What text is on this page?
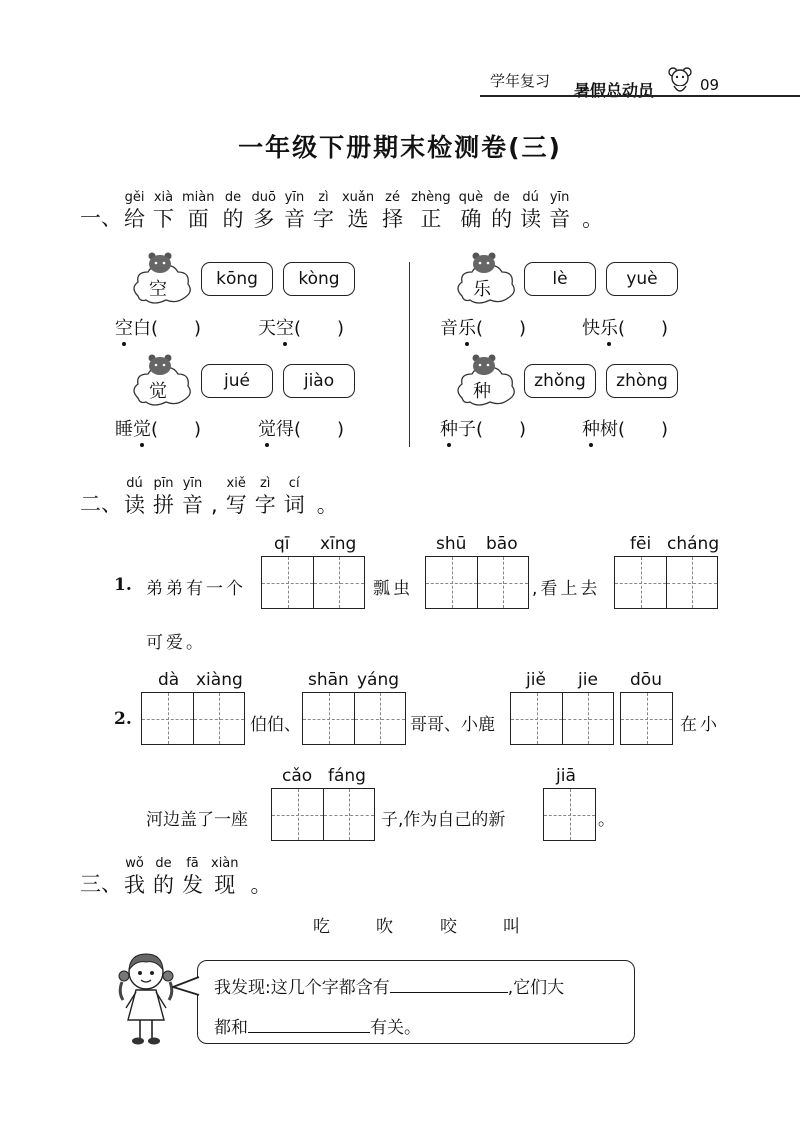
学年复习 暑假总动员	09
一年级下册期末检测卷(三)
一、
gěi
给
xià
下
miàn
面
de
的
duō
多
yīn
音
zì
字
xuǎn
选
zé
择
zhèng
正
què
确
de
的
dú
读
yīn
音 。
空	kōng	kòng
空白(　　)	天空(　　)
乐	lè	yuè
音乐(　　)	快乐(　　)
觉	jué	jiào
睡觉(　　)	觉得(　　)
种	zhǒng	zhòng
种子(　　)	种树(　　)
二、
dú
读
pīn
拼
yīn
音 ,
xiě
写
zì
字
cí
词 。
1. 弟弟有一个
qī xīng
瓢虫
shū bāo
,看上去
fēi cháng
可爱。
2.
dà xiàng
伯伯、
shān yáng
哥哥、小鹿
jiě jie dōu
在小
河边盖了一座
cǎo fáng
子,作为自己的新
jiā
。
三、
wǒ
我
de
的
fā
发
xiàn
现 。
吃	吹	咬	叫
我发现:这几个字都含有	,它们大
都和	有关。
